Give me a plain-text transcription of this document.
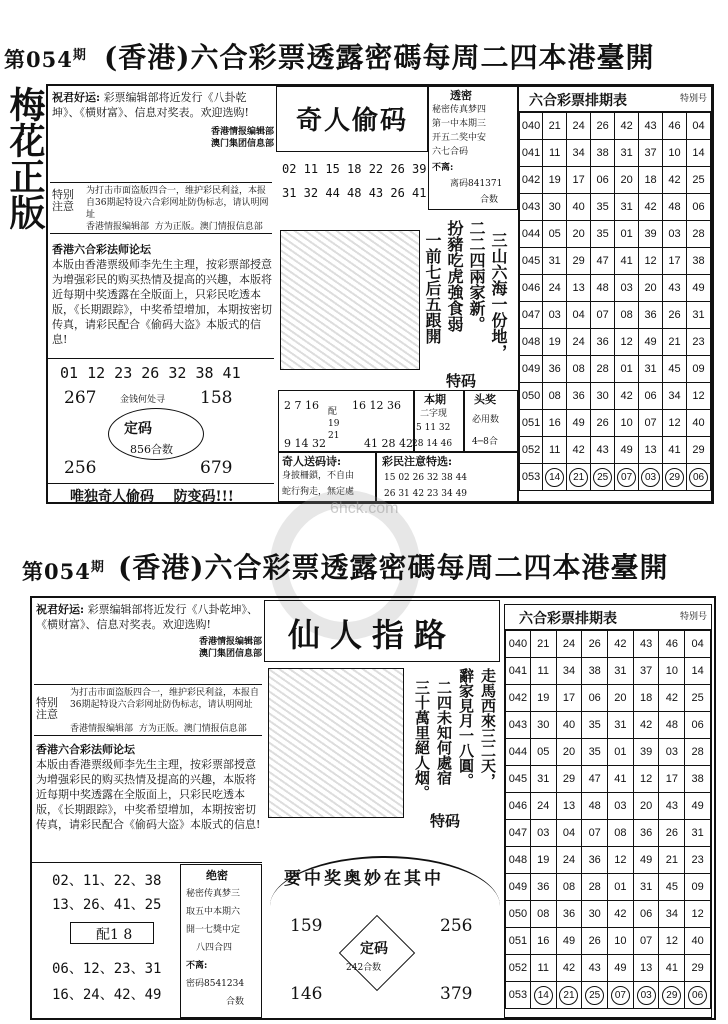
第$054^期$ (香港)六合彩票透露密碼每周二四本港臺開
梅花正版 祝君好运: 彩票编辑部将近发行《八卦乾坤》、《横财富》、信息对奖表。欢迎选购!
香港情报编辑部
澳门集团信息部
特别注意
为打击市面盗版四合一，维护彩民利益，本报自36期起特设六合彩网址防伪标志，请认明网址
香港情报编辑部 方为正版。澳门情报信息部
香港六合彩法师论坛
本版由香港票级师李先生主理，按彩票部授意为增强彩民的购买热情及提高的兴趣，本版将近每期中奖透露在全版面上，只彩民吃透本版，《长期跟踪》，中奖希望增加，本期按密切传真，请彩民配合《偷码大盗》本版式的信息!
01 12 23 26 32 38 41
267	158
金钱何处寻
定码
856合数
256	679
唯独奇人偷码    防变码!!!
奇人偷码
02 11 15 18 22 26 39
31 32 44 48 43 26 41
透密
秘密传真梦四
第一中本期三
开五二奖中安
六七合码
不离:
离码841371
合数
三山六海一份地，
二二四兩家新。
扮豬吃虎強食弱
一前七后五跟開
特码
2 7 16	16 12 36
配 19 21
9 14 32	41 28 42
本期
二字现
5 11 32
28 14 46
头奖
必用数
4─8合
奇人送码诗:
身披柵鎖，不自由
蛇行狗走，無定處
彩民注意特选:
15 02 26 32 38 44
26 31 42 23 34 49
六合彩票排期表	特别号
040	21	24	26	42	43	46	04
041	11	34	38	31	37	10	14
042	19	17	06	20	18	42	25
043	30	40	35	31	42	48	06
044	05	20	35	01	39	03	28
045	31	29	47	41	12	17	38
046	24	13	48	03	20	43	49
047	03	04	07	08	36	26	31
048	19	24	36	12	49	21	23
049	36	08	28	01	31	45	09
050	08	36	30	42	06	34	12
051	16	49	26	10	07	12	40
052	11	42	43	49	13	41	29
053	14	21	25	07	03	29	06
6hck.com
第$054^期$ (香港)六合彩票透露密碼每周二四本港臺開
祝君好运: 彩票编辑部将近发行《八卦乾坤》、《横财富》、信息对奖表。欢迎选购!
香港情报编辑部
澳门集团信息部
特别注意
为打击市面盗版四合一，维护彩民利益，本报自36期起特设六合彩网址防伪标志，请认明网址
香港情报编辑部 方为正版。澳门情报信息部
香港六合彩法师论坛
本版由香港票级师李先生主理，按彩票部授意为增强彩民的购买热情及提高的兴趣，本版将近每期中奖透露在全版面上，只彩民吃透本版，《长期跟踪》，中奖希望增加，本期按密切传真，请彩民配合《偷码大盗》本版式的信息!
02、11、22、38
13、26、41、25
配1 8
06、12、23、31
16、24、42、49
绝密
秘密传真梦三
取五中本期六
開一七獎中定
八四合四
不离:
密码8541234
合数
仙人指路
走馬西來三二天，
辭家見月一八圓。
二四未知何處宿
三十萬里絕人烟。
特码
要中奖奥妙在其中
159	256
定码
242合数
146	379
六合彩票排期表	特别号
040	21	24	26	42	43	46	04
041	11	34	38	31	37	10	14
042	19	17	06	20	18	42	25
043	30	40	35	31	42	48	06
044	05	20	35	01	39	03	28
045	31	29	47	41	12	17	38
046	24	13	48	03	20	43	49
047	03	04	07	08	36	26	31
048	19	24	36	12	49	21	23
049	36	08	28	01	31	45	09
050	08	36	30	42	06	34	12
051	16	49	26	10	07	12	40
052	11	42	43	49	13	41	29
053	14	21	25	07	03	29	06
